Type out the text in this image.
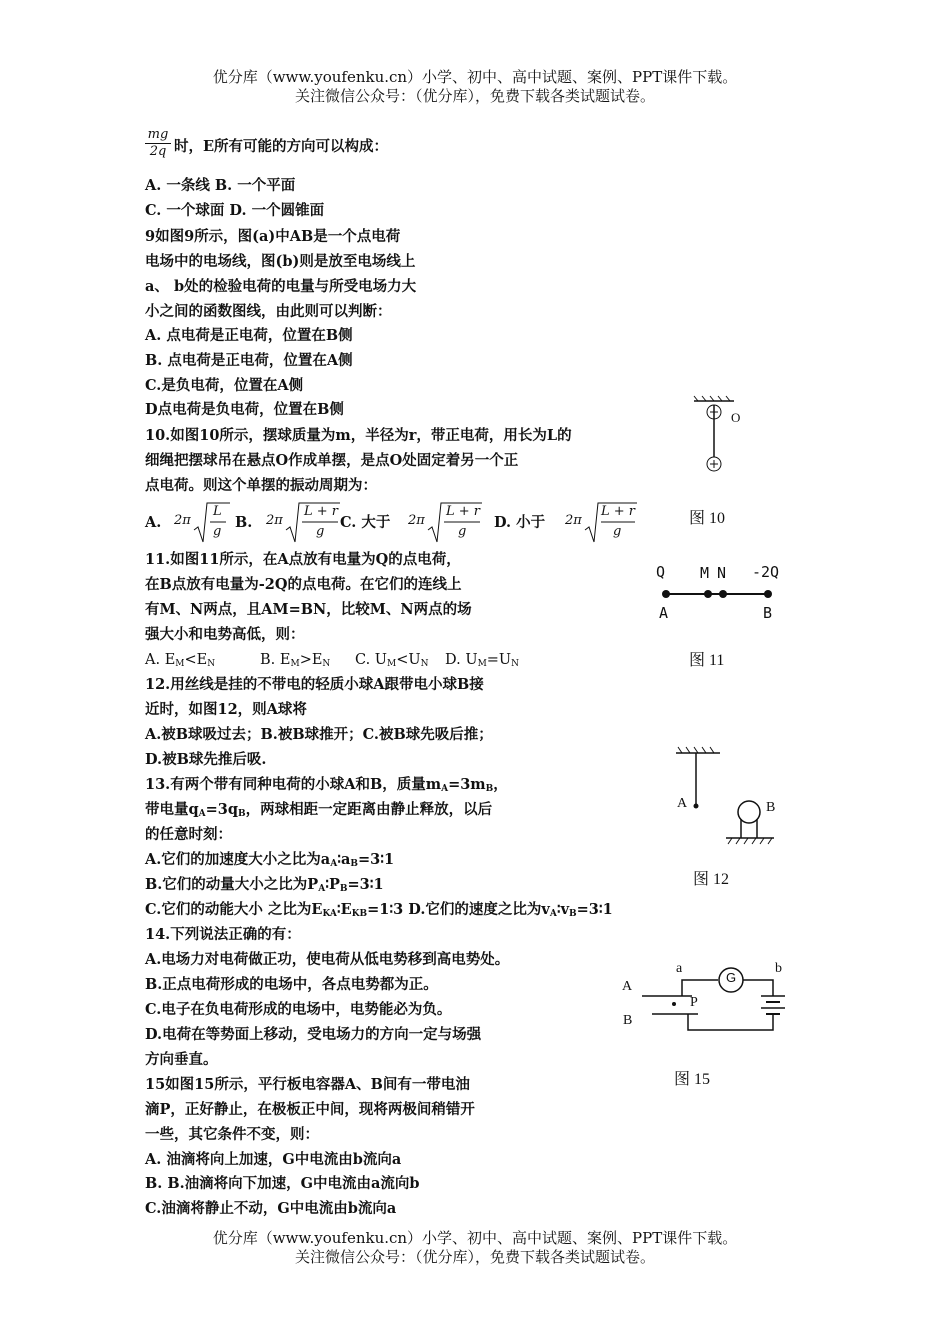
优分库（www.youfenku.cn）小学、初中、高中试题、案例、PPT课件下载。
关注微信公众号：（优分库），免费下载各类试题试卷。
$\frac{mg}{2q}$ 时，E所有可能的方向可以构成：
A. 一条线 B. 一个平面
C. 一个球面 D. 一个圆锥面
9如图9所示，图(a)中AB是一个点电荷
电场中的电场线，图(b)则是放至电场线上
a、 b处的检验电荷的电量与所受电场力大
小之间的函数图线，由此则可以判断：
A. 点电荷是正电荷，位置在B侧
B. 点电荷是正电荷，位置在A侧
C.是负电荷，位置在A侧
D点电荷是负电荷，位置在B侧
10.如图10所示，摆球质量为m，半径为r，带正电荷，用长为L的
细绳把摆球吊在悬点O作成单摆，是点O处固定着另一个正
点电荷。则这个单摆的振动周期为：
A.	B.	C. 大于	D. 小于
2π
L
g
2π
L + r
g
2π
L + r
g
2π
L + r
g
O
图 10
11.如图11所示，在A点放有电量为Q的点电荷，
在B点放有电量为-2Q的点电荷。在它们的连线上
有M、N两点，且AM=BN，比较M、N两点的场
强大小和电势高低，则：
A. $E_M<E_N$	B. $E_M>E_N$ C. $U_M<U_N$ D. $U_M=U_N$
Q M N -2Q
A	B
图 11
12.用丝线是挂的不带电的轻质小球A跟带电小球B接
近时，如图12，则A球将
A.被B球吸过去；B.被B球推开；C.被B球先吸后推；
D.被B球先推后吸.
A	B
图 12
13.有两个带有同种电荷的小球A和B，质量$m_A=3m_B$，
带电量$q_A=3q_B$，两球相距一定距离由静止释放，以后
的任意时刻：
A.它们的加速度大小之比为$a_A∶a_B=3∶1$
B.它们的动量大小之比为$P_A∶P_B=3∶1$
C.它们的动能大小 之比为$E_{KA}∶E_{KB}=1∶3$ D.它们的速度之比为$v_A∶v_B=3∶1$
14.下列说法正确的有：
A.电场力对电荷做正功，使电荷从低电势移到高电势处。
B.正点电荷形成的电场中，各点电势都为正。
C.电子在负电荷形成的电场中，电势能必为负。
D.电荷在等势面上移动，受电场力的方向一定与场强
方向垂直。
A
B
P
a	b
G
图 15
15如图15所示，平行板电容器A、B间有一带电油
滴P，正好静止，在极板正中间，现将两极间稍错开
一些，其它条件不变，则：
A. 油滴将向上加速，G中电流由b流向a
B. B.油滴将向下加速，G中电流由a流向b
C.油滴将静止不动，G中电流由b流向a
优分库（www.youfenku.cn）小学、初中、高中试题、案例、PPT课件下载。
关注微信公众号：（优分库），免费下载各类试题试卷。
